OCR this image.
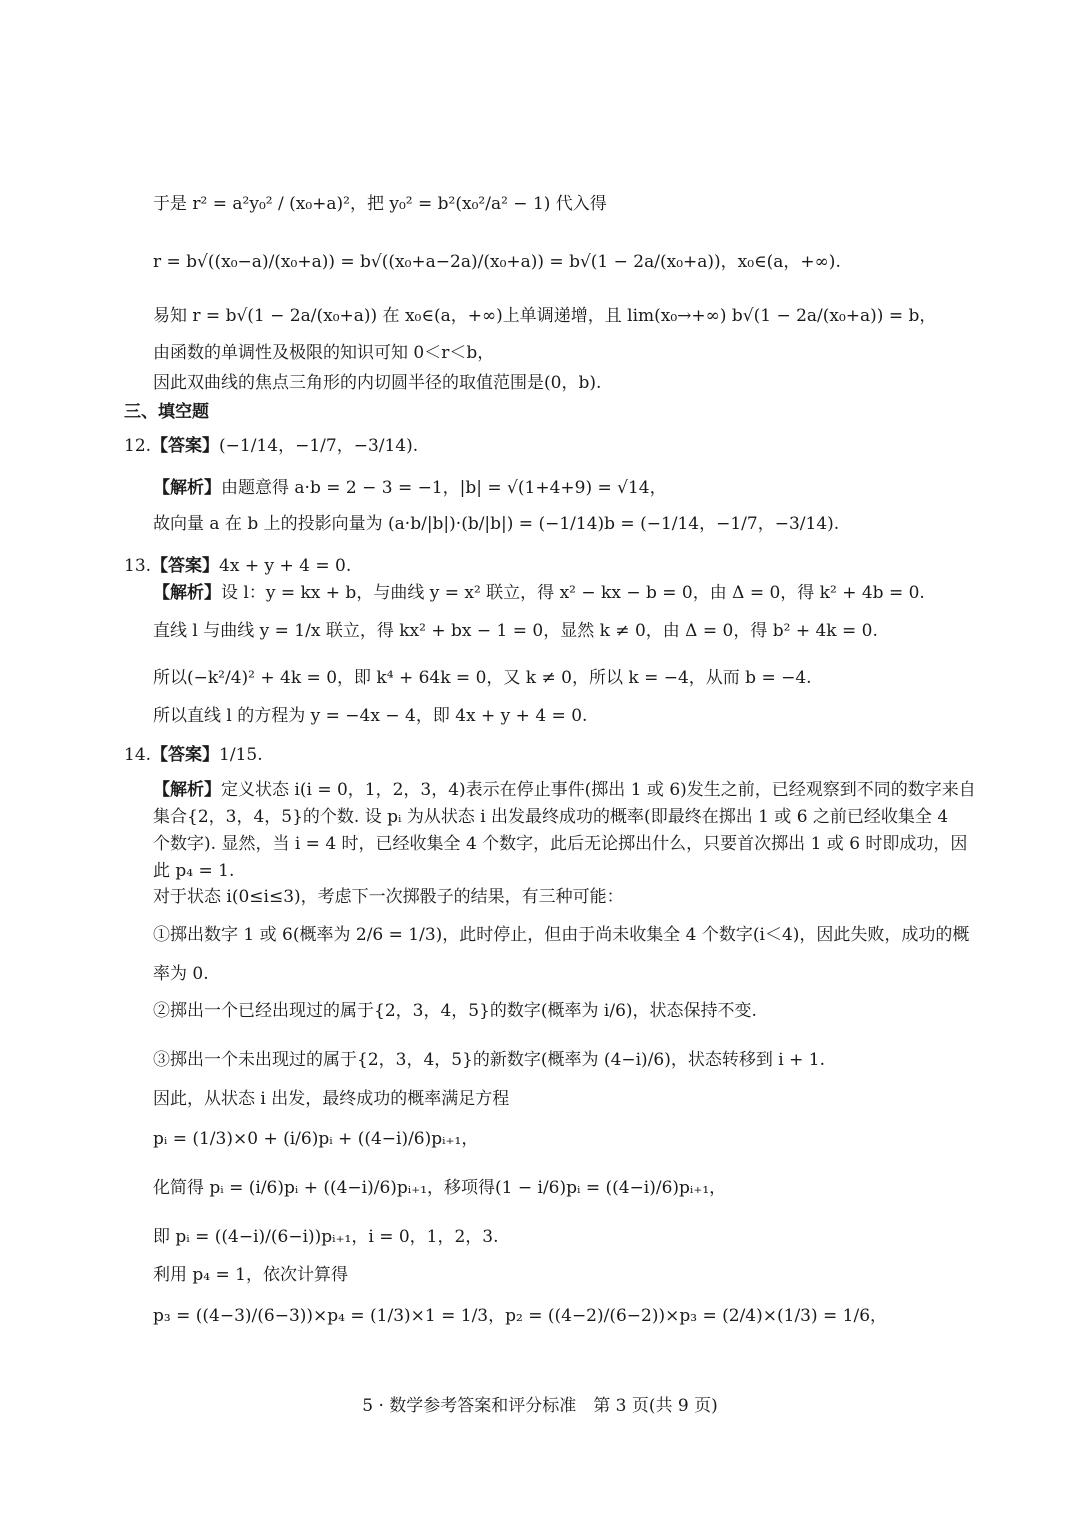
于是 r² = a²y₀² / (x₀+a)²，把 y₀² = b²(x₀²/a² − 1) 代入得
r = b√((x₀−a)/(x₀+a)) = b√((x₀+a−2a)/(x₀+a)) = b√(1 − 2a/(x₀+a))，x₀∈(a，+∞).
易知 r = b√(1 − 2a/(x₀+a)) 在 x₀∈(a，+∞)上单调递增，且 lim(x₀→+∞) b√(1 − 2a/(x₀+a)) = b，
由函数的单调性及极限的知识可知 0＜r＜b，
因此双曲线的焦点三角形的内切圆半径的取值范围是(0，b).
三、填空题
12.【答案】(−1/14，−1/7，−3/14).
【解析】由题意得 a·b = 2 − 3 = −1，|b| = √(1+4+9) = √14，
故向量 a 在 b 上的投影向量为 (a·b/|b|)·(b/|b|) = (−1/14)b = (−1/14，−1/7，−3/14).
13.【答案】4x + y + 4 = 0.
【解析】设 l：y = kx + b，与曲线 y = x² 联立，得 x² − kx − b = 0，由 Δ = 0，得 k² + 4b = 0.
直线 l 与曲线 y = 1/x 联立，得 kx² + bx − 1 = 0，显然 k ≠ 0，由 Δ = 0，得 b² + 4k = 0.
所以(−k²/4)² + 4k = 0，即 k⁴ + 64k = 0，又 k ≠ 0，所以 k = −4，从而 b = −4.
所以直线 l 的方程为 y = −4x − 4，即 4x + y + 4 = 0.
14.【答案】1/15.
【解析】定义状态 i(i = 0，1，2，3，4)表示在停止事件(掷出 1 或 6)发生之前，已经观察到不同的数字来自
集合{2，3，4，5}的个数. 设 pᵢ 为从状态 i 出发最终成功的概率(即最终在掷出 1 或 6 之前已经收集全 4
个数字). 显然，当 i = 4 时，已经收集全 4 个数字，此后无论掷出什么，只要首次掷出 1 或 6 时即成功，因
此 p₄ = 1.
对于状态 i(0≤i≤3)，考虑下一次掷骰子的结果，有三种可能：
①掷出数字 1 或 6(概率为 2/6 = 1/3)，此时停止，但由于尚未收集全 4 个数字(i＜4)，因此失败，成功的概
率为 0.
②掷出一个已经出现过的属于{2，3，4，5}的数字(概率为 i/6)，状态保持不变.
③掷出一个未出现过的属于{2，3，4，5}的新数字(概率为 (4−i)/6)，状态转移到 i + 1.
因此，从状态 i 出发，最终成功的概率满足方程
pᵢ = (1/3)×0 + (i/6)pᵢ + ((4−i)/6)pᵢ₊₁，
化简得 pᵢ = (i/6)pᵢ + ((4−i)/6)pᵢ₊₁，移项得(1 − i/6)pᵢ = ((4−i)/6)pᵢ₊₁，
即 pᵢ = ((4−i)/(6−i))pᵢ₊₁，i = 0，1，2，3.
利用 p₄ = 1，依次计算得
p₃ = ((4−3)/(6−3))×p₄ = (1/3)×1 = 1/3，p₂ = ((4−2)/(6−2))×p₃ = (2/4)×(1/3) = 1/6，
5 · 数学参考答案和评分标准　第 3 页(共 9 页)
